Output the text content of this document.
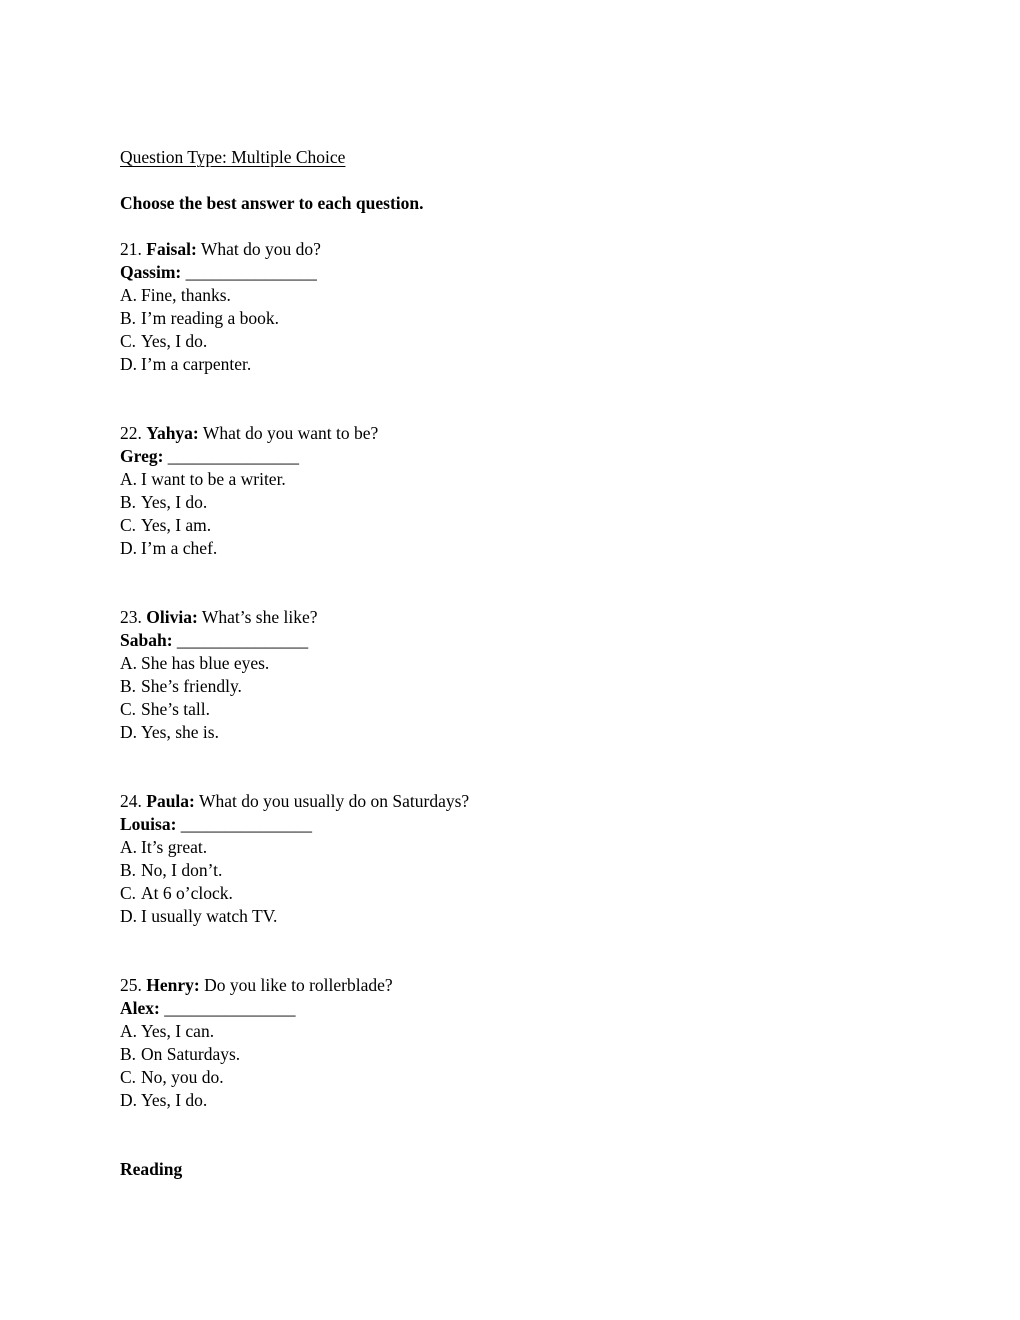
Question Type: Multiple Choice
Choose the best answer to each question.
21. Faisal: What do you do?
Qassim: _______________
A. Fine, thanks.
B. I’m reading a book.
C. Yes, I do.
D. I’m a carpenter.
22. Yahya: What do you want to be?
Greg: _______________
A. I want to be a writer.
B. Yes, I do.
C. Yes, I am.
D. I’m a chef.
23. Olivia: What’s she like?
Sabah: _______________
A. She has blue eyes.
B. She’s friendly.
C. She’s tall.
D. Yes, she is.
24. Paula: What do you usually do on Saturdays?
Louisa: _______________
A. It’s great.
B. No, I don’t.
C. At 6 o’clock.
D. I usually watch TV.
25. Henry: Do you like to rollerblade?
Alex: _______________
A. Yes, I can.
B. On Saturdays.
C. No, you do.
D. Yes, I do.
Reading
